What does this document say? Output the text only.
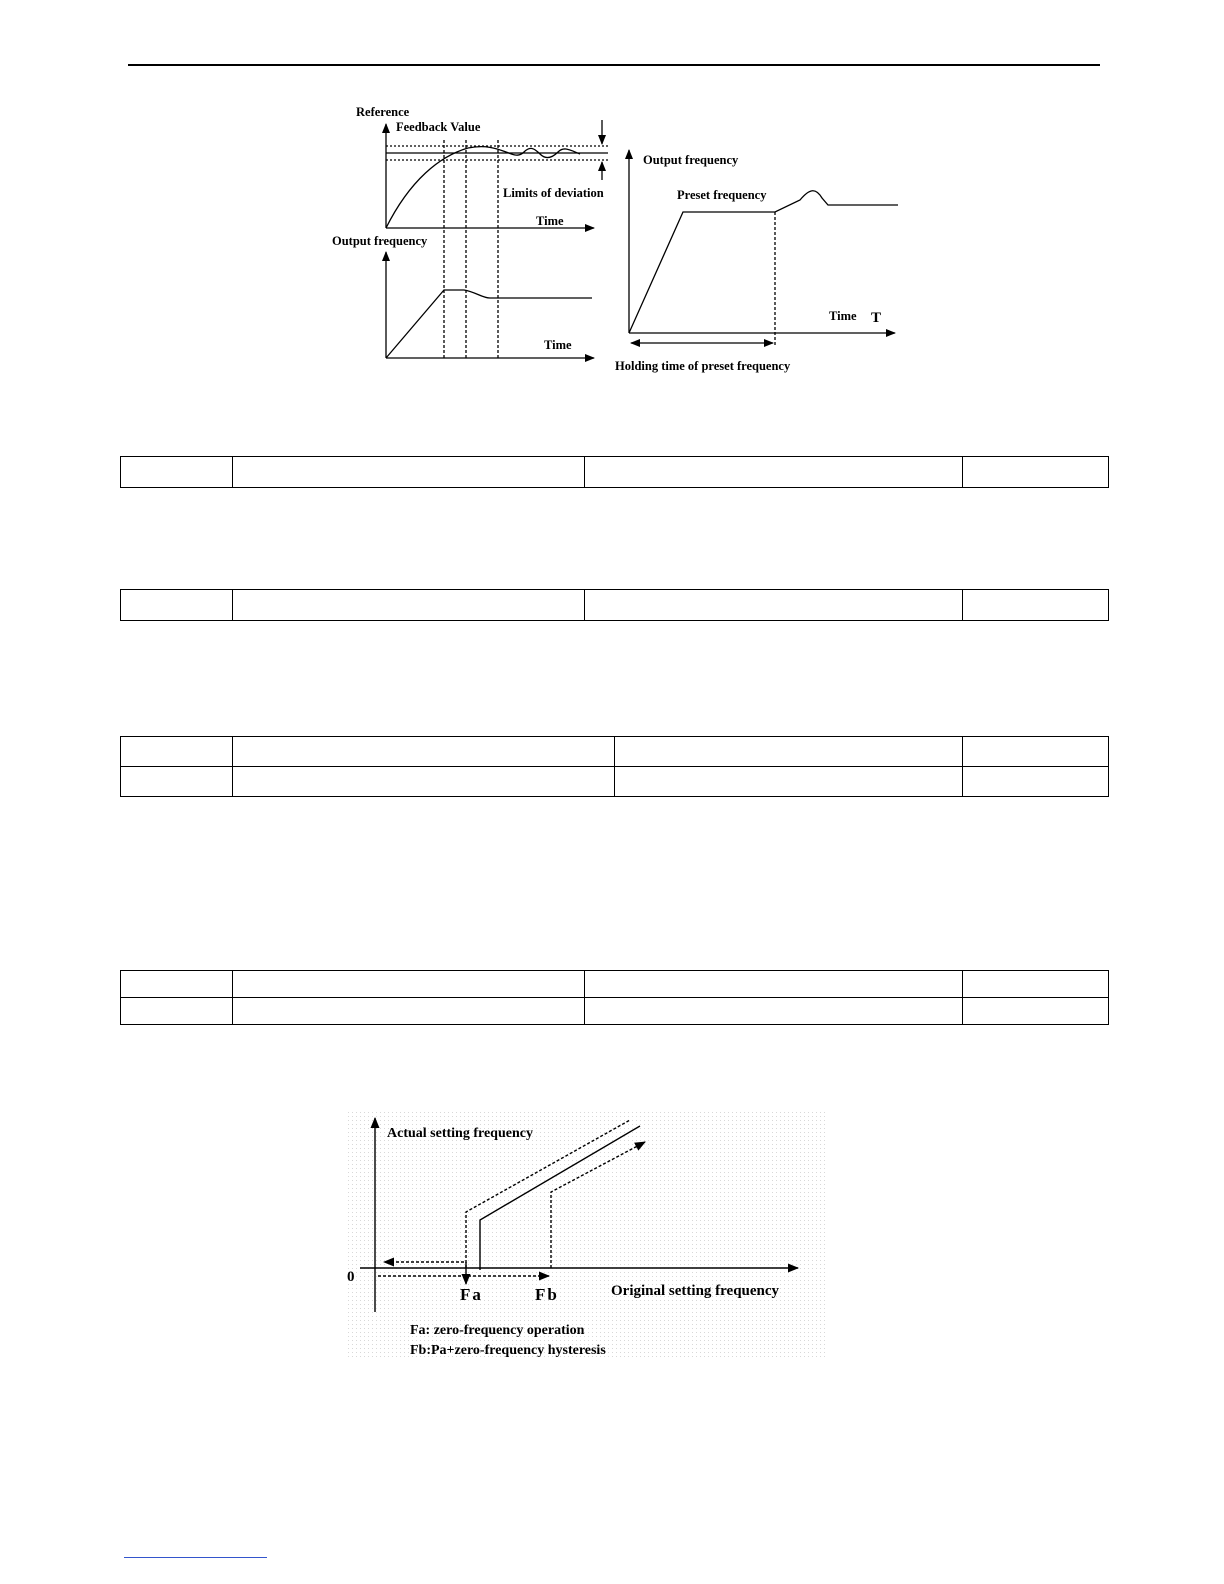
Reference
Feedback Value
Limits of deviation
Time
Output frequency
Time
Output frequency
Preset frequency
Time T
Holding time of preset frequency

Actual setting frequency
0
Fa	Fb	Original setting frequency
Fa: zero-frequency operation
Fb:Pa+zero-frequency hysteresis
